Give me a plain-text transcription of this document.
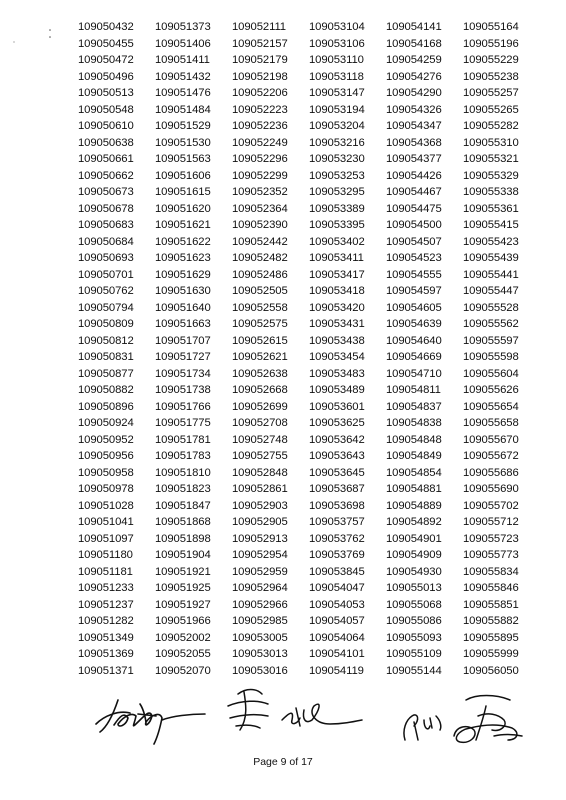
109050432	109051373	109052111	109053104	109054141	109055164
109050455	109051406	109052157	109053106	109054168	109055196
109050472	109051411	109052179	109053110	109054259	109055229
109050496	109051432	109052198	109053118	109054276	109055238
109050513	109051476	109052206	109053147	109054290	109055257
109050548	109051484	109052223	109053194	109054326	109055265
109050610	109051529	109052236	109053204	109054347	109055282
109050638	109051530	109052249	109053216	109054368	109055310
109050661	109051563	109052296	109053230	109054377	109055321
109050662	109051606	109052299	109053253	109054426	109055329
109050673	109051615	109052352	109053295	109054467	109055338
109050678	109051620	109052364	109053389	109054475	109055361
109050683	109051621	109052390	109053395	109054500	109055415
109050684	109051622	109052442	109053402	109054507	109055423
109050693	109051623	109052482	109053411	109054523	109055439
109050701	109051629	109052486	109053417	109054555	109055441
109050762	109051630	109052505	109053418	109054597	109055447
109050794	109051640	109052558	109053420	109054605	109055528
109050809	109051663	109052575	109053431	109054639	109055562
109050812	109051707	109052615	109053438	109054640	109055597
109050831	109051727	109052621	109053454	109054669	109055598
109050877	109051734	109052638	109053483	109054710	109055604
109050882	109051738	109052668	109053489	109054811	109055626
109050896	109051766	109052699	109053601	109054837	109055654
109050924	109051775	109052708	109053625	109054838	109055658
109050952	109051781	109052748	109053642	109054848	109055670
109050956	109051783	109052755	109053643	109054849	109055672
109050958	109051810	109052848	109053645	109054854	109055686
109050978	109051823	109052861	109053687	109054881	109055690
109051028	109051847	109052903	109053698	109054889	109055702
109051041	109051868	109052905	109053757	109054892	109055712
109051097	109051898	109052913	109053762	109054901	109055723
109051180	109051904	109052954	109053769	109054909	109055773
109051181	109051921	109052959	109053845	109054930	109055834
109051233	109051925	109052964	109054047	109055013	109055846
109051237	109051927	109052966	109054053	109055068	109055851
109051282	109051966	109052985	109054057	109055086	109055882
109051349	109052002	109053005	109054064	109055093	109055895
109051369	109052055	109053013	109054101	109055109	109055999
109051371	109052070	109053016	109054119	109055144	109056050
Page 9 of 17
